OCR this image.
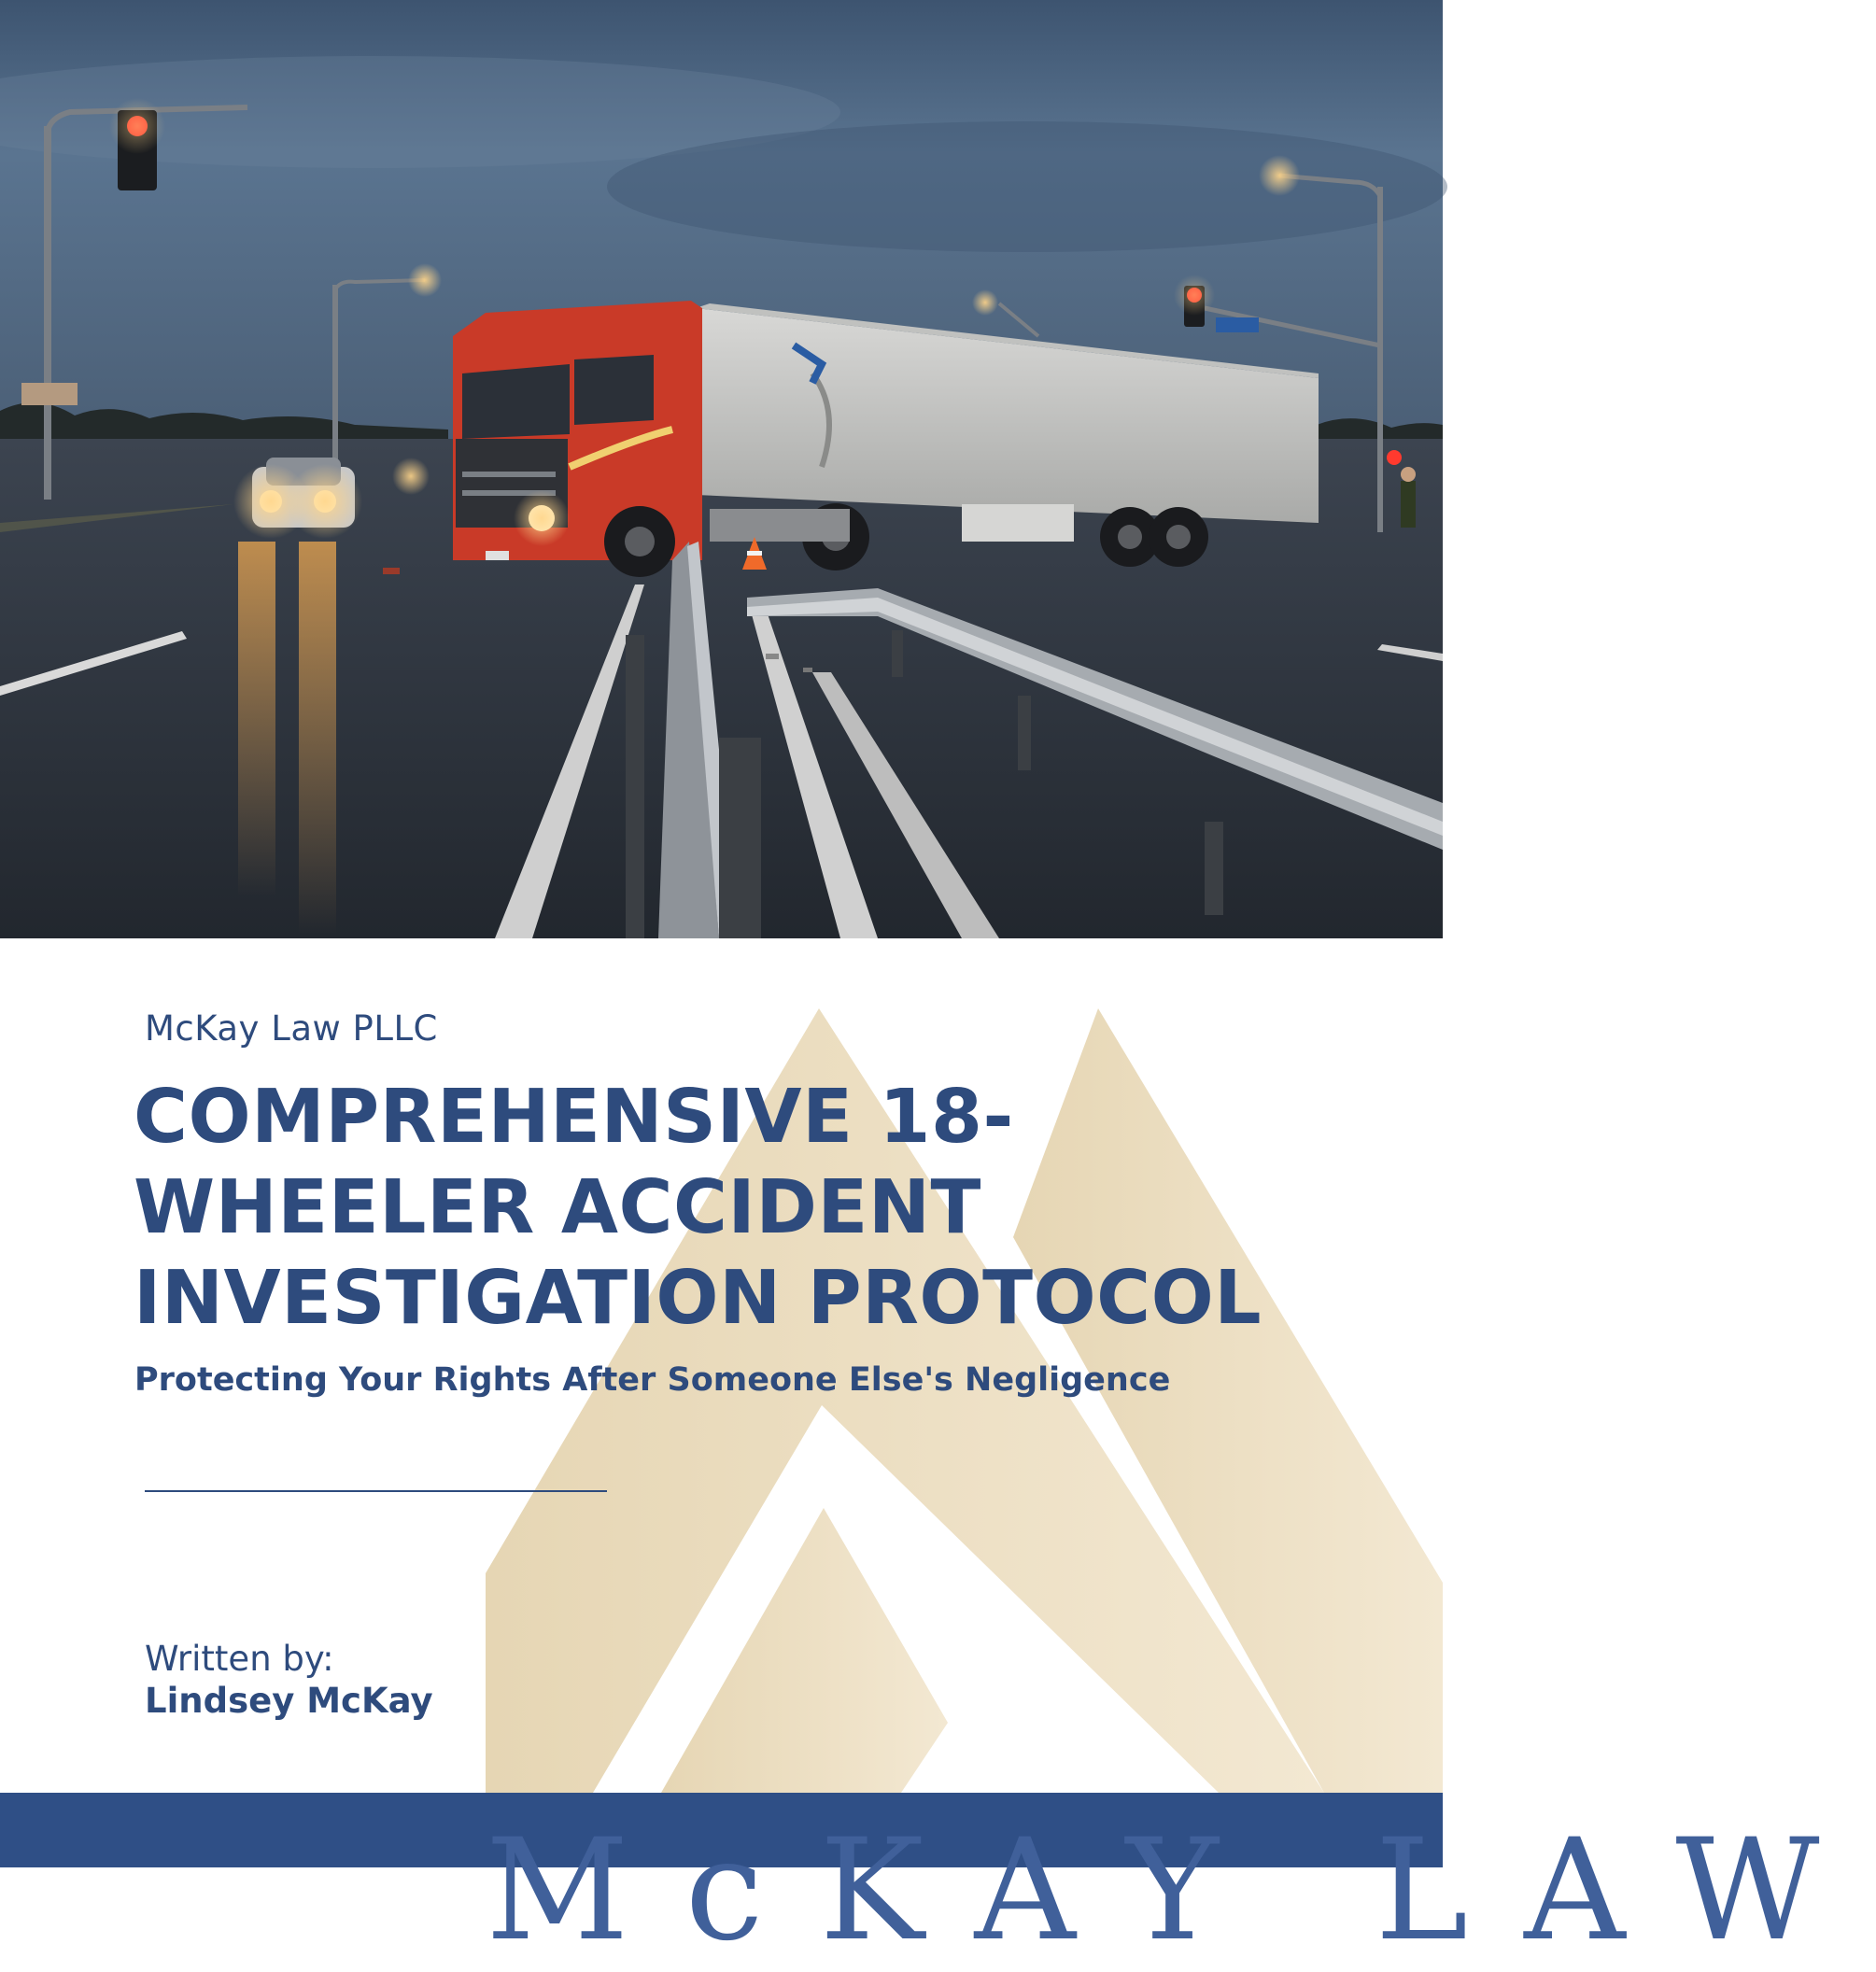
McKay Law PLLC

COMPREHENSIVE 18-
WHEELER ACCIDENT
INVESTIGATION PROTOCOL

Protecting Your Rights After Someone Else's Negligence

Written by:

Lindsey McKay

McKAY LAW
